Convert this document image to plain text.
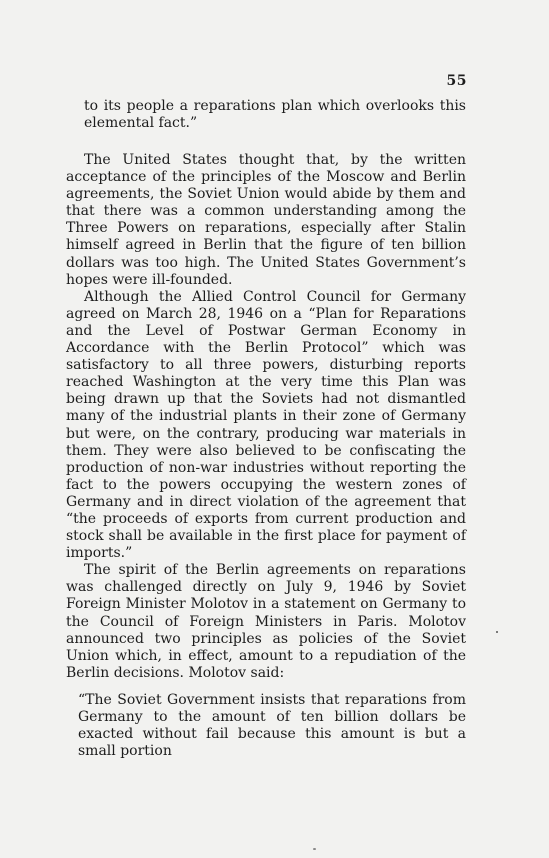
55

to its people a reparations plan which overlooks this elemental fact.”

The United States thought that, by the written acceptance of the principles of the Moscow and Berlin agreements, the Soviet Union would abide by them and that there was a common understanding among the Three Powers on reparations, especially after Stalin himself agreed in Berlin that the figure of ten billion dollars was too high. The United States Government’s hopes were ill-founded.

Although the Allied Control Council for Germany agreed on March 28, 1946 on a “Plan for Reparations and the Level of Postwar German Economy in Accordance with the Berlin Protocol” which was satisfactory to all three powers, disturbing reports reached Washington at the very time this Plan was being drawn up that the Soviets had not dismantled many of the industrial plants in their zone of Germany but were, on the contrary, producing war materials in them. They were also believed to be confiscating the production of non-war industries without reporting the fact to the powers occupying the western zones of Germany and in direct violation of the agreement that “the proceeds of exports from current production and stock shall be available in the first place for payment of imports.”

The spirit of the Berlin agreements on reparations was challenged directly on July 9, 1946 by Soviet Foreign Minister Molotov in a statement on Germany to the Council of Foreign Ministers in Paris. Molotov announced two principles as policies of the Soviet Union which, in effect, amount to a repudiation of the Berlin decisions. Molotov said:

“The Soviet Government insists that reparations from Germany to the amount of ten billion dollars be exacted without fail because this amount is but a small portion
